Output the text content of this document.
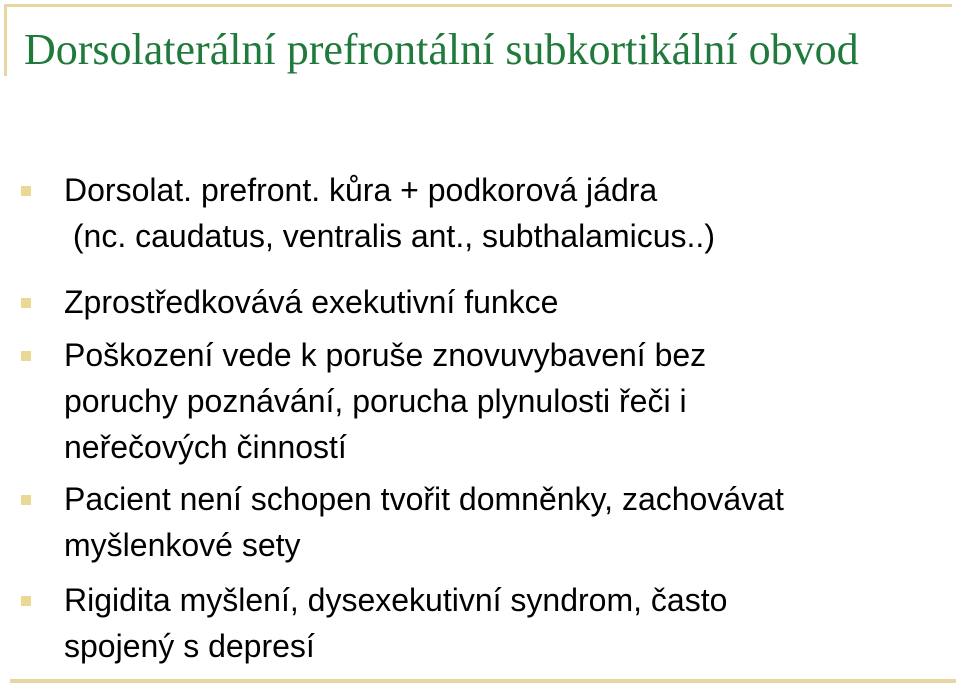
Dorsolaterální prefrontální subkortikální obvod
Dorsolat. prefront. kůra + podkorová jádra
(nc. caudatus, ventralis ant., subthalamicus..)
Zprostředkovává exekutivní funkce
Poškození vede k poruše znovuvybavení bez
poruchy poznávání, porucha plynulosti řeči i
neřečových činností
Pacient není schopen tvořit domněnky, zachovávat
myšlenkové sety
Rigidita myšlení, dysexekutivní syndrom, často
spojený s depresí
